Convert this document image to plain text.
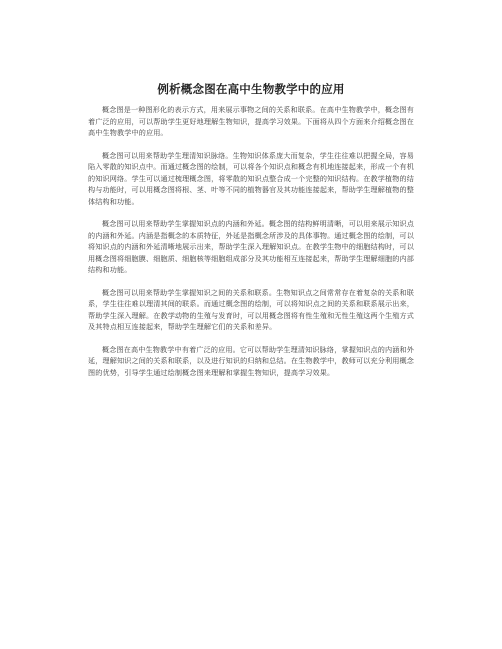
例析概念图在高中生物教学中的应用

概念图是一种图形化的表示方式，用来展示事物之间的关系和联系。在高中生物教学中，概念图有着广泛的应用，可以帮助学生更好地理解生物知识，提高学习效果。下面将从四个方面来介绍概念图在高中生物教学中的应用。

概念图可以用来帮助学生理清知识脉络。生物知识体系庞大而复杂，学生往往难以把握全局，容易陷入零散的知识点中。而通过概念图的绘制，可以将各个知识点和概念有机地连接起来，形成一个有机的知识网络。学生可以通过梳理概念图，将零散的知识点整合成一个完整的知识结构。在教学植物的结构与功能时，可以用概念图将根、茎、叶等不同的植物器官及其功能连接起来，帮助学生理解植物的整体结构和功能。

概念图可以用来帮助学生掌握知识点的内涵和外延。概念图的结构鲜明清晰，可以用来展示知识点的内涵和外延。内涵是指概念的本质特征，外延是指概念所涉及的具体事物。通过概念图的绘制，可以将知识点的内涵和外延清晰地展示出来，帮助学生深入理解知识点。在教学生物中的细胞结构时，可以用概念图将细胞膜、细胞质、细胞核等细胞组成部分及其功能相互连接起来，帮助学生理解细胞的内部结构和功能。

概念图可以用来帮助学生掌握知识之间的关系和联系。生物知识点之间常常存在着复杂的关系和联系，学生往往难以理清其间的联系。而通过概念图的绘制，可以将知识点之间的关系和联系展示出来，帮助学生深入理解。在教学动物的生殖与发育时，可以用概念图将有性生殖和无性生殖这两个生殖方式及其特点相互连接起来，帮助学生理解它们的关系和差异。

概念图在高中生物教学中有着广泛的应用。它可以帮助学生理清知识脉络，掌握知识点的内涵和外延，理解知识之间的关系和联系，以及进行知识的归纳和总结。在生物教学中，教师可以充分利用概念图的优势，引导学生通过绘制概念图来理解和掌握生物知识，提高学习效果。
